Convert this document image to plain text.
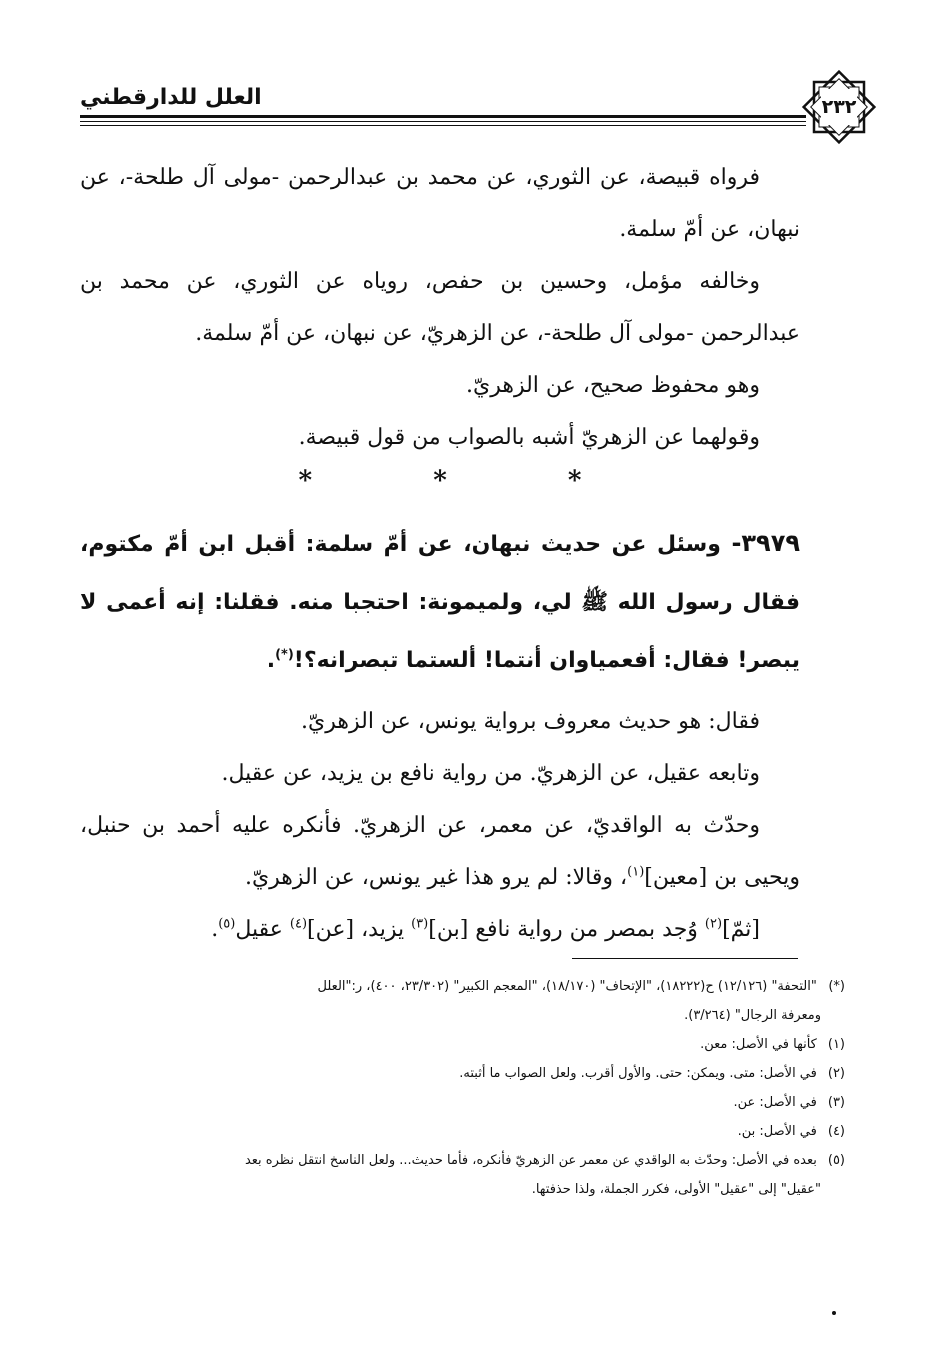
العلل للدارقطني	٢٣٢

فرواه قبيصة، عن الثوري، عن محمد بن عبدالرحمن -مولى آل طلحة-، عن نبهان، عن أمّ سلمة.

وخالفه مؤمل، وحسين بن حفص، روياه عن الثوري، عن محمد بن عبدالرحمن -مولى آل طلحة-، عن الزهريّ، عن نبهان، عن أمّ سلمة.

وهو محفوظ صحيح، عن الزهريّ.

وقولهما عن الزهريّ أشبه بالصواب من قول قبيصة.

* * *

٣٩٧٩- وسئل عن حديث نبهان، عن أمّ سلمة: أقبل ابن أمّ مكتوم، فقال رسول الله ﷺ لي، ولميمونة: احتجبا منه. فقلنا: إنه أعمى لا يبصر! فقال: أفعمياوان أنتما! ألستما تبصرانه؟!(*).

فقال: هو حديث معروف برواية يونس، عن الزهريّ.

وتابعه عقيل، عن الزهريّ. من رواية نافع بن يزيد، عن عقيل.

وحدّث به الواقديّ، عن معمر، عن الزهريّ. فأنكره عليه أحمد بن حنبل، ويحيى بن [معين]$^{(١)}$، وقالا: لم يرو هذا غير يونس، عن الزهريّ.

[ثمّ]$^{(٢)}$ وُجد بمصر من رواية نافع [بن]$^{(٣)}$ يزيد، [عن]$^{(٤)}$ عقيل$^{(٥)}$.

(*) "التحفة" (١٢/١٢٦) ح(١٨٢٢٢)، "الإتحاف" (١٨/١٧٠)، "المعجم الكبير" (٢٣/٣٠٢، ٤٠٠)، ر:"العلل

ومعرفة الرجال" (٣/٢٦٤).

(١) كأنها في الأصل: معن.

(٢) في الأصل: متى. ويمكن: حتى. والأول أقرب. ولعل الصواب ما أثبته.

(٣) في الأصل: عن.

(٤) في الأصل: بن.

(٥) بعده في الأصل: وحدّث به الواقدي عن معمر عن الزهريّ فأنكره، فأما حديث... ولعل الناسخ انتقل نظره بعد

"عقيل" إلى "عقيل" الأولى، فكرر الجملة، ولذا حذفتها.
